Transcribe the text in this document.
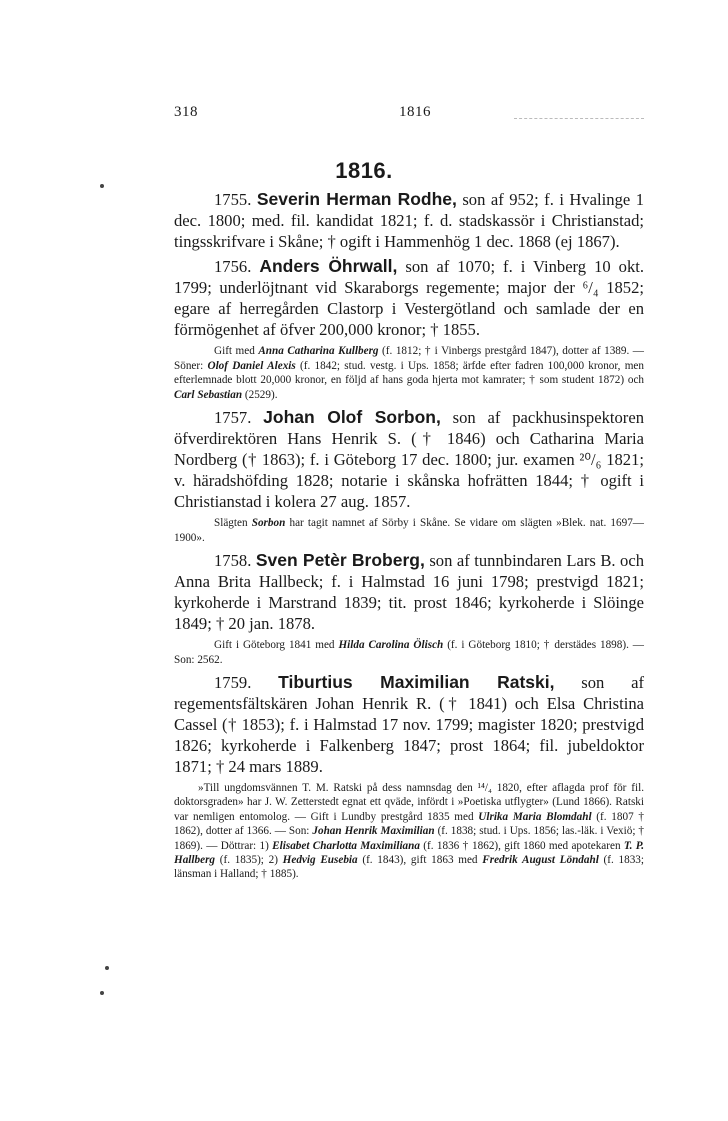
318	1816
1816.

1755. Severin Herman Rodhe, son af 952; f. i Hvalinge 1 dec. 1800; med. fil. kandidat 1821; f. d. stadskassör i Christianstad; tingsskrifvare i Skåne; † ogift i Hammenhög 1 dec. 1868 (ej 1867).

1756. Anders Öhrwall, son af 1070; f. i Vinberg 10 okt. 1799; underlöjtnant vid Skaraborgs regemente; major der ⁶/₄ 1852; egare af herregården Clastorp i Vestergötland och samlade der en förmögenhet af öfver 200,000 kronor; † 1855.

Gift med Anna Catharina Kullberg (f. 1812; † i Vinbergs prestgård 1847), dotter af 1389. — Söner: Olof Daniel Alexis (f. 1842; stud. vestg. i Ups. 1858; ärfde efter fadren 100,000 kronor, men efterlemnade blott 20,000 kronor, en följd af hans goda hjerta mot kamrater; † som student 1872) och Carl Sebastian (2529).

1757. Johan Olof Sorbon, son af packhusinspektoren öfverdirektören Hans Henrik S. († 1846) och Catharina Maria Nordberg († 1863); f. i Göteborg 17 dec. 1800; jur. examen ²⁰/₆ 1821; v. häradshöfding 1828; notarie i skånska hofrätten 1844; † ogift i Christianstad i kolera 27 aug. 1857.

Slägten Sorbon har tagit namnet af Sörby i Skåne. Se vidare om slägten »Blek. nat. 1697—1900».

1758. Sven Petèr Broberg, son af tunnbindaren Lars B. och Anna Brita Hallbeck; f. i Halmstad 16 juni 1798; prestvigd 1821; kyrkoherde i Marstrand 1839; tit. prost 1846; kyrkoherde i Slöinge 1849; † 20 jan. 1878.

Gift i Göteborg 1841 med Hilda Carolina Ölisch (f. i Göteborg 1810; † derstädes 1898). — Son: 2562.

1759. Tiburtius Maximilian Ratski, son af regementsfältskären Johan Henrik R. († 1841) och Elsa Christina Cassel († 1853); f. i Halmstad 17 nov. 1799; magister 1820; prestvigd 1826; kyrkoherde i Falkenberg 1847; prost 1864; fil. jubeldoktor 1871; † 24 mars 1889.

»Till ungdomsvännen T. M. Ratski på dess namnsdag den ¹⁴/₄ 1820, efter aflagda prof för fil. doktorsgraden» har J. W. Zetterstedt egnat ett qväde, infördt i »Poetiska utflygter» (Lund 1866). Ratski var nemligen entomolog. — Gift i Lundby prestgård 1835 med Ulrika Maria Blomdahl (f. 1807 † 1862), dotter af 1366. — Son: Johan Henrik Maximilian (f. 1838; stud. i Ups. 1856; las.-läk. i Vexiö; † 1869). — Döttrar: 1) Elisabet Charlotta Maximiliana (f. 1836 † 1862), gift 1860 med apotekaren T. P. Hallberg (f. 1835); 2) Hedvig Eusebia (f. 1843), gift 1863 med Fredrik August Löndahl (f. 1833; länsman i Halland; † 1885).
